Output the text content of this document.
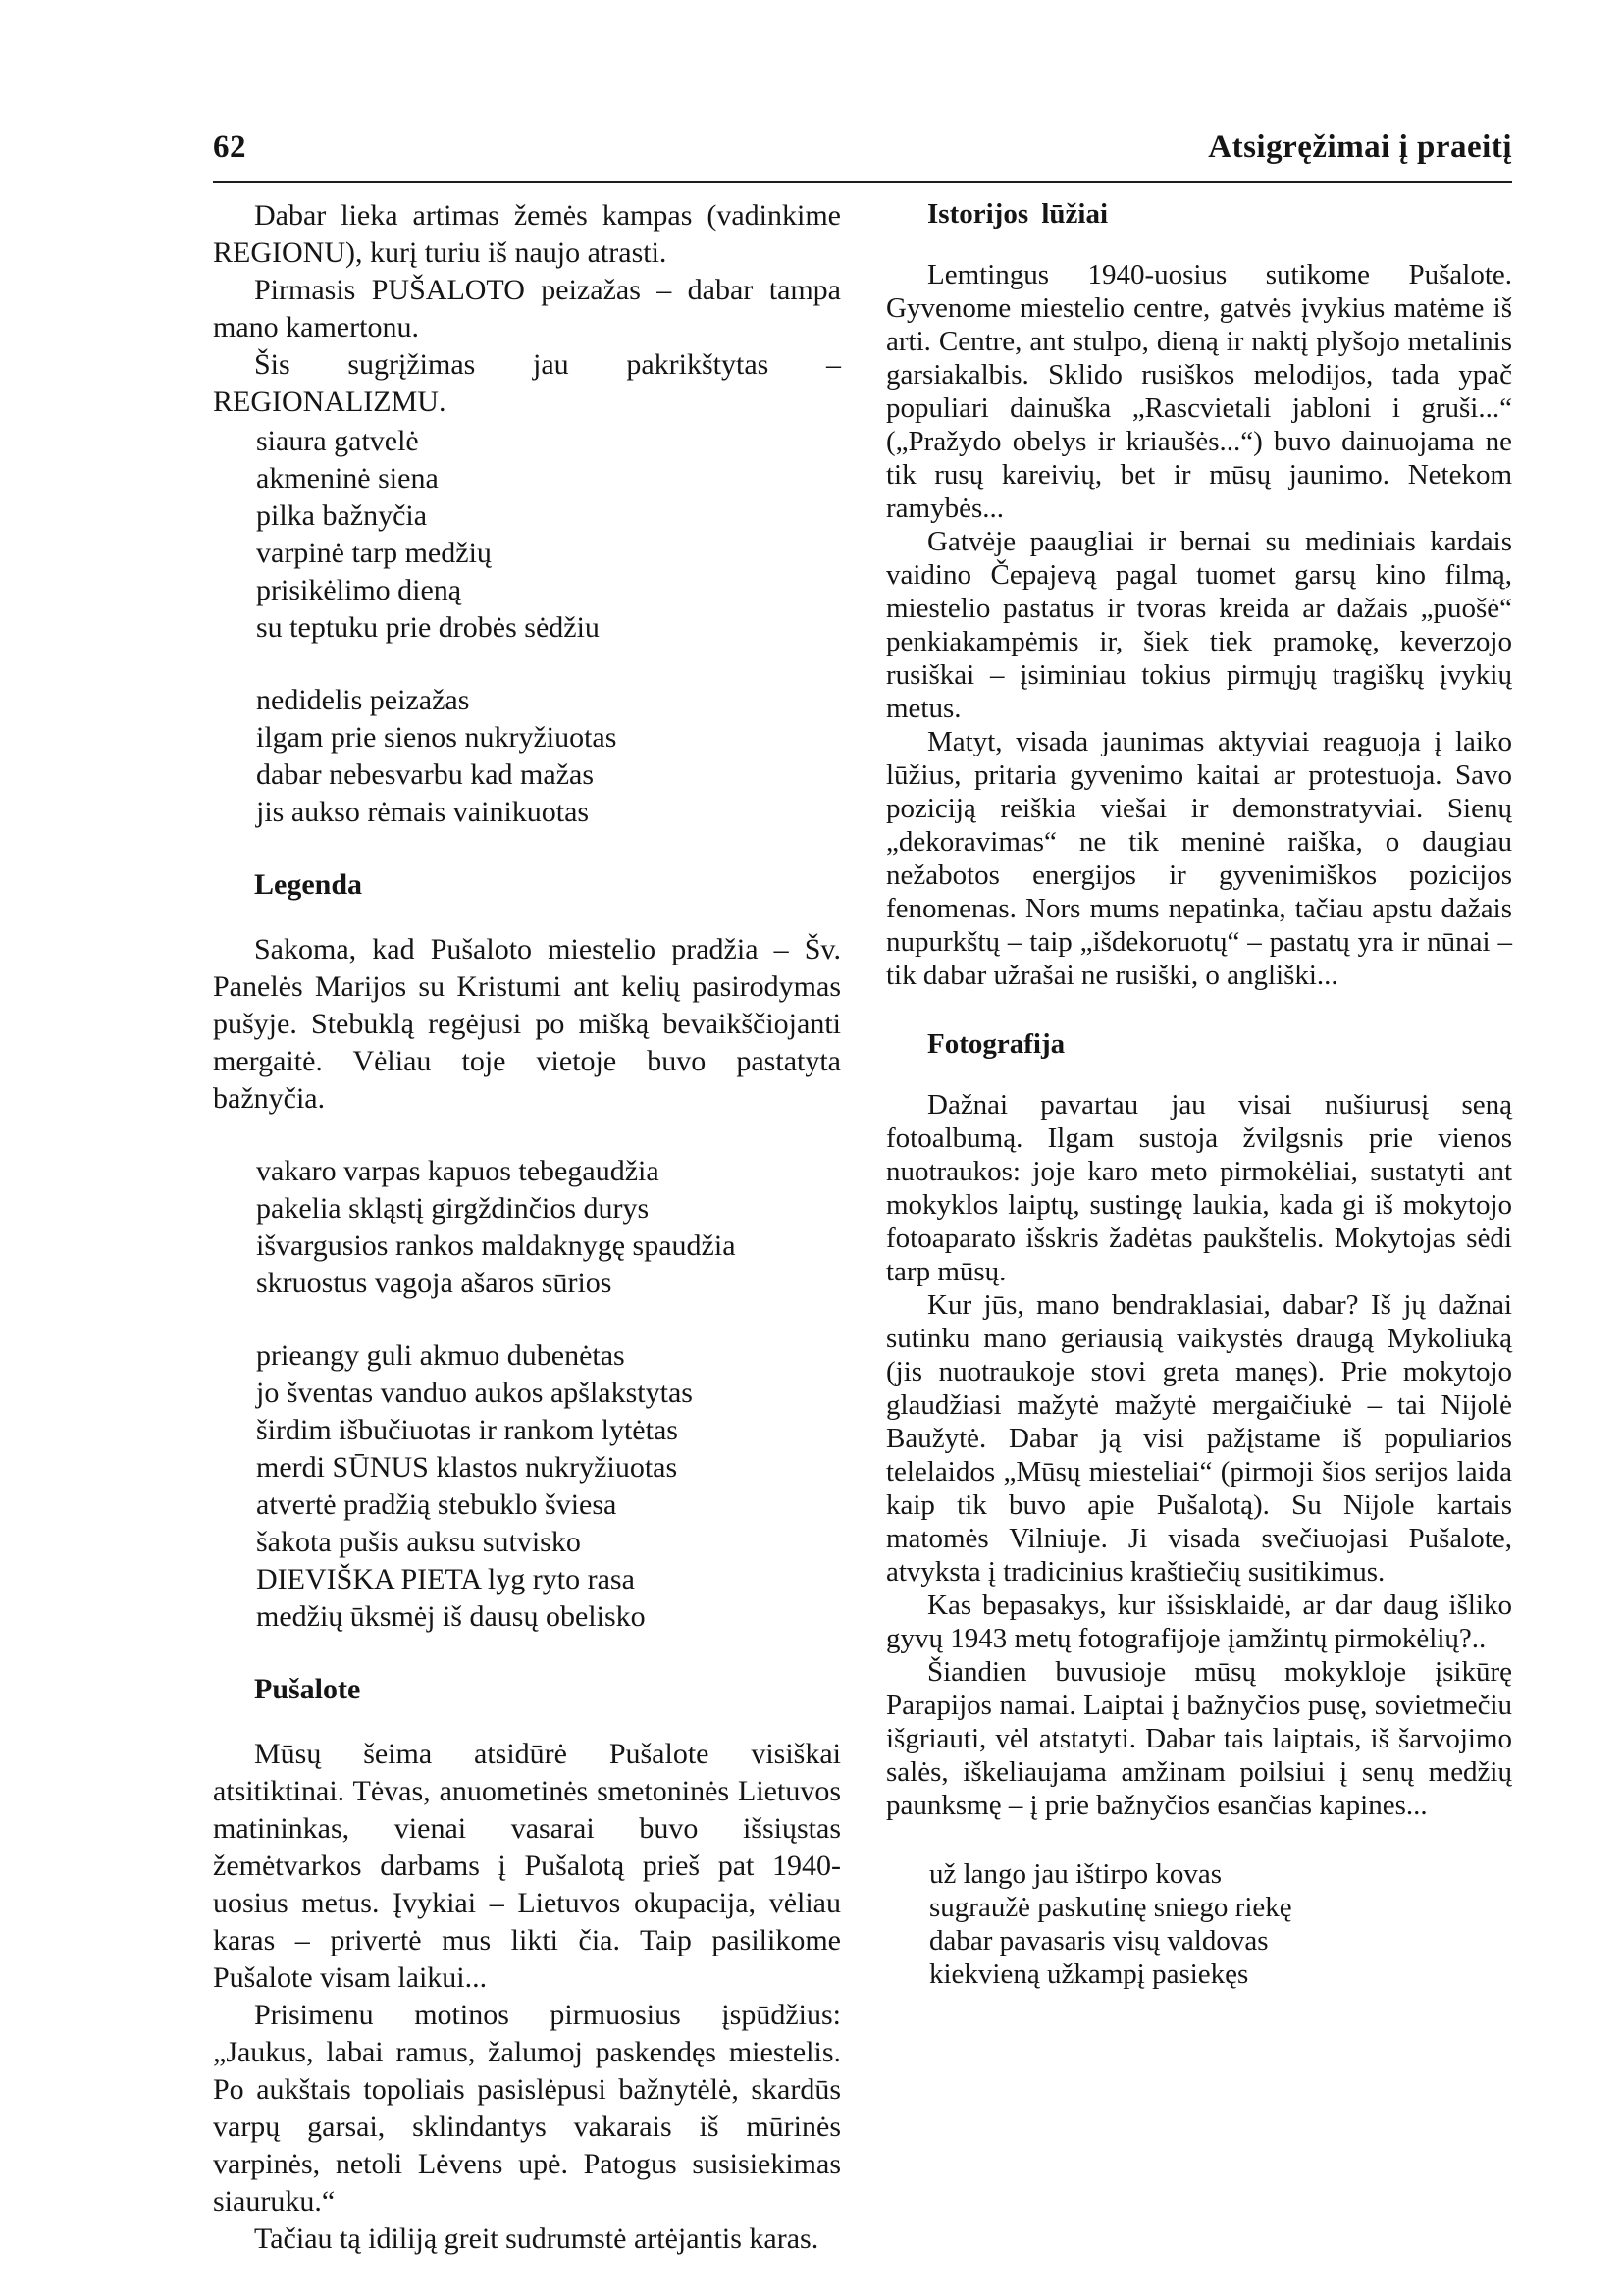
62	Atsigręžimai į praeitį

Dabar lieka artimas žemės kampas (vadinkime REGIONU), kurį turiu iš naujo atrasti.

Pirmasis PUŠALOTO peizažas – dabar tampa mano kamertonu.

Šis sugrįžimas jau pakrikštytas – REGIONALIZMU.

siaura gatvelė
akmeninė siena
pilka bažnyčia
varpinė tarp medžių
prisikėlimo dieną
su teptuku prie drobės sėdžiu
nedidelis peizažas
ilgam prie sienos nukryžiuotas
dabar nebesvarbu kad mažas
jis aukso rėmais vainikuotas
Legenda

Sakoma, kad Pušaloto miestelio pradžia – Šv. Panelės Marijos su Kristumi ant kelių pasirodymas pušyje. Stebuklą regėjusi po mišką bevaikščiojanti mergaitė. Vėliau toje vietoje buvo pastatyta bažnyčia.

vakaro varpas kapuos tebegaudžia
pakelia skląstį girgždinčios durys
išvargusios rankos maldaknygę spaudžia
skruostus vagoja ašaros sūrios
prieangy guli akmuo dubenėtas
jo šventas vanduo aukos apšlakstytas
širdim išbučiuotas ir rankom lytėtas
merdi SŪNUS klastos nukryžiuotas
atvertė pradžią stebuklo šviesa
šakota pušis auksu sutvisko
DIEVIŠKA PIETA lyg ryto rasa
medžių ūksmėj iš dausų obelisko
Pušalote

Mūsų šeima atsidūrė Pušalote visiškai atsitiktinai. Tėvas, anuometinės smetoninės Lietuvos matininkas, vienai vasarai buvo išsiųstas žemėtvarkos darbams į Pušalotą prieš pat 1940-uosius metus. Įvykiai – Lietuvos okupacija, vėliau karas – privertė mus likti čia. Taip pasilikome Pušalote visam laikui...

Prisimenu motinos pirmuosius įspūdžius: „Jaukus, labai ramus, žalumoj paskendęs miestelis. Po aukštais topoliais pasislėpusi bažnytėlė, skardūs varpų garsai, sklindantys vakarais iš mūrinės varpinės, netoli Lėvens upė. Patogus susisiekimas siauruku.“

Tačiau tą idiliją greit sudrumstė artėjantis karas.

Istorijos lūžiai

Lemtingus 1940-uosius sutikome Pušalote. Gyvenome miestelio centre, gatvės įvykius matėme iš arti. Centre, ant stulpo, dieną ir naktį plyšojo metalinis garsiakalbis. Sklido rusiškos melodijos, tada ypač populiari dainuška „Rascvietali jabloni i gruši...“ („Pražydo obelys ir kriaušės...“) buvo dainuojama ne tik rusų kareivių, bet ir mūsų jaunimo. Netekom ramybės...

Gatvėje paaugliai ir bernai su mediniais kardais vaidino Čepajevą pagal tuomet garsų kino filmą, miestelio pastatus ir tvoras kreida ar dažais „puošė“ penkiakampėmis ir, šiek tiek pramokę, keverzojo rusiškai – įsiminiau tokius pirmųjų tragiškų įvykių metus.

Matyt, visada jaunimas aktyviai reaguoja į laiko lūžius, pritaria gyvenimo kaitai ar protestuoja. Savo poziciją reiškia viešai ir demonstratyviai. Sienų „dekoravimas“ ne tik meninė raiška, o daugiau nežabotos energijos ir gyvenimiškos pozicijos fenomenas. Nors mums nepatinka, tačiau apstu dažais nupurkštų – taip „išdekoruotų“ – pastatų yra ir nūnai – tik dabar užrašai ne rusiški, o angliški...

Fotografija

Dažnai pavartau jau visai nušiurusį seną fotoalbumą. Ilgam sustoja žvilgsnis prie vienos nuotraukos: joje karo meto pirmokėliai, sustatyti ant mokyklos laiptų, sustingę laukia, kada gi iš mokytojo fotoaparato išskris žadėtas paukštelis. Mokytojas sėdi tarp mūsų.

Kur jūs, mano bendraklasiai, dabar? Iš jų dažnai sutinku mano geriausią vaikystės draugą Mykoliuką (jis nuotraukoje stovi greta manęs). Prie mokytojo glaudžiasi mažytė mažytė mergaičiukė – tai Nijolė Baužytė. Dabar ją visi pažįstame iš populiarios telelaidos „Mūsų miesteliai“ (pirmoji šios serijos laida kaip tik buvo apie Pušalotą). Su Nijole kartais matomės Vilniuje. Ji visada svečiuojasi Pušalote, atvyksta į tradicinius kraštiečių susitikimus.

Kas bepasakys, kur išsisklaidė, ar dar daug išliko gyvų 1943 metų fotografijoje įamžintų pirmokėlių?..

Šiandien buvusioje mūsų mokykloje įsikūrę Parapijos namai. Laiptai į bažnyčios pusę, sovietmečiu išgriauti, vėl atstatyti. Dabar tais laiptais, iš šarvojimo salės, iškeliaujama amžinam poilsiui į senų medžių paunksmę – į prie bažnyčios esančias kapines...

už lango jau ištirpo kovas
sugraužė paskutinę sniego riekę
dabar pavasaris visų valdovas
kiekvieną užkampį pasiekęs
